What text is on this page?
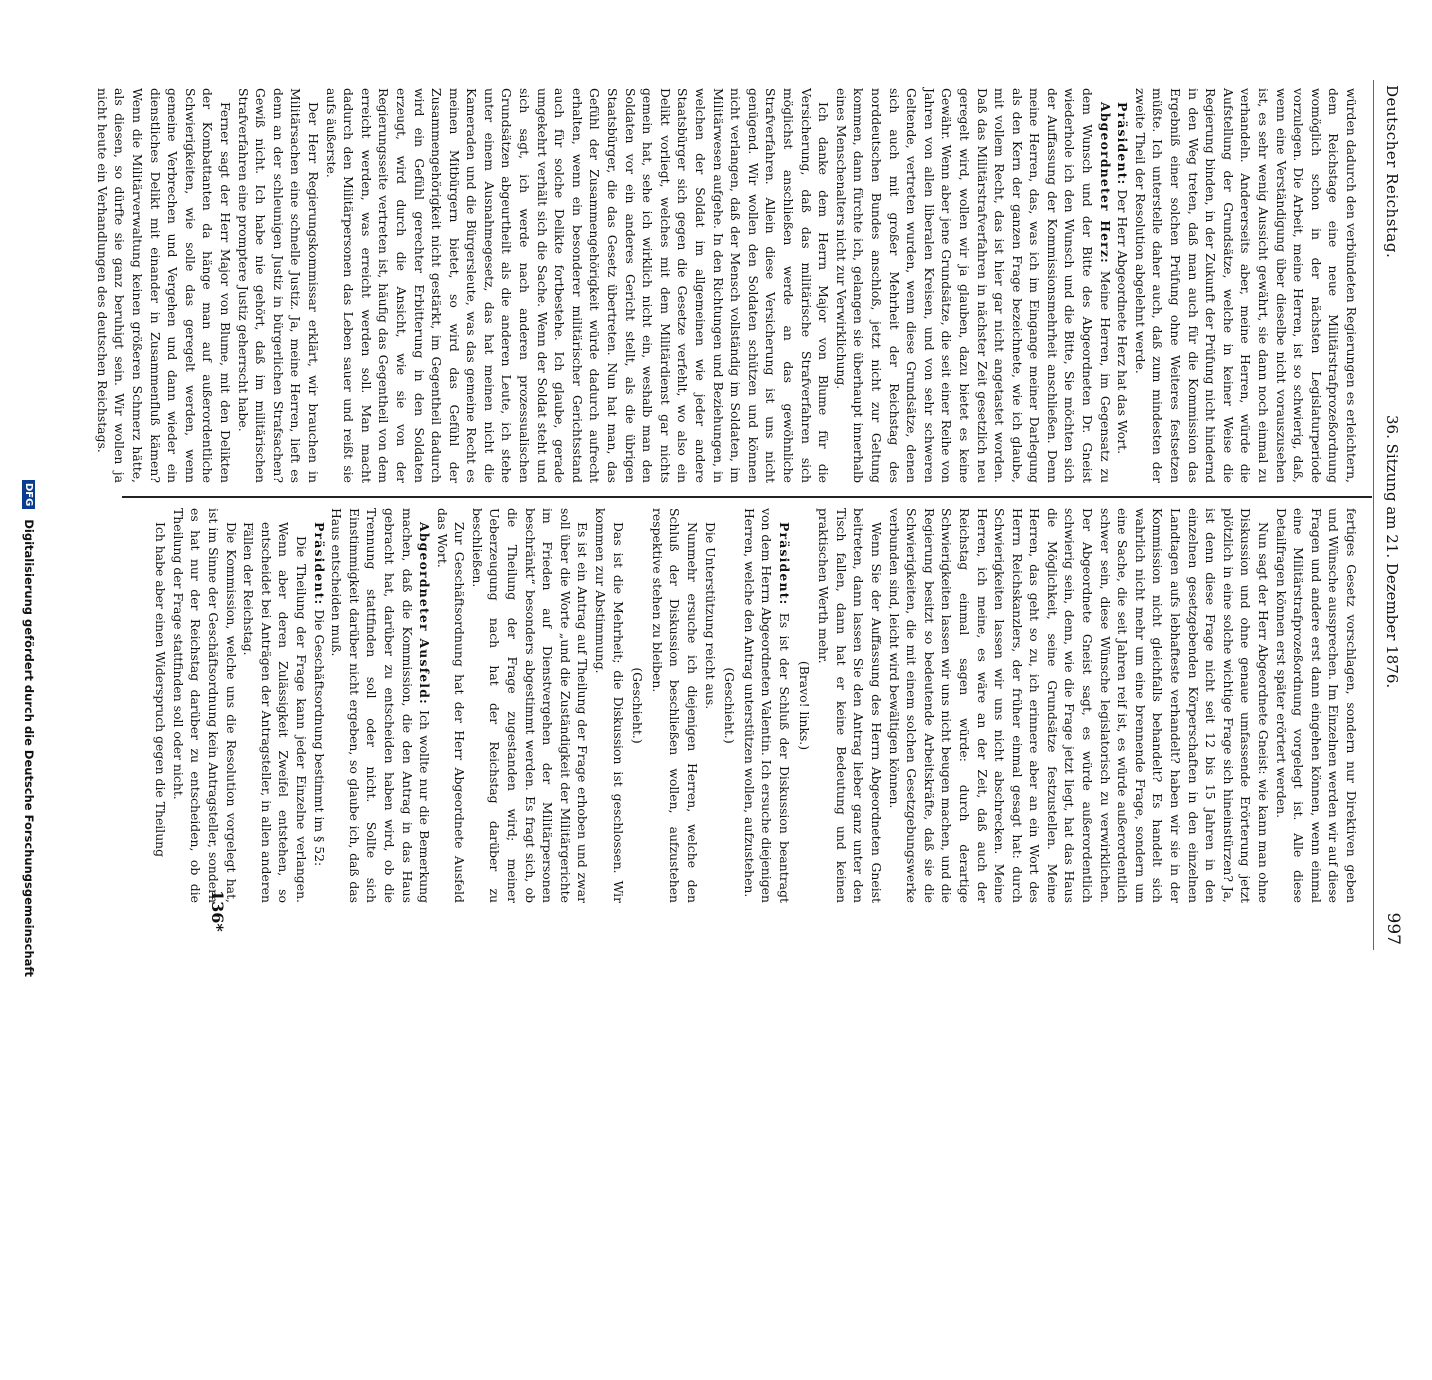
Deutscher Reichstag.
36. Sitzung am 21. Dezember 1876.
997

würden dadurch den verbündeten Regierungen es erleichtern, dem Reichstage eine neue Militärstrafprozeßordnung womöglich schon in der nächsten Legislaturperiode vorzulegen. Die Arbeit, meine Herren, ist so schwierig, daß, wenn eine Verständigung über dieselbe nicht vorauszusehen ist, es sehr wenig Aussicht gewährt, sie dann noch einmal zu verhandeln. Andererseits aber, meine Herren, würde die Aufstellung der Grundsätze, welche in keiner Weise die Regierung binden, in der Zukunft der Prüfung nicht hindernd in den Weg treten, daß man auch für die Kommission das Ergebniß einer solchen Prüfung ohne Weiteres festsetzen müßte. Ich unterstelle daher auch, daß zum mindesten der zweite Theil der Resolution abgelehnt werde.

Präsident: Der Herr Abgeordnete Herz hat das Wort.

Abgeordneter Herz: Meine Herren, im Gegensatz zu dem Wunsch und der Bitte des Abgeordneten Dr. Gneist wiederhole ich den Wunsch und die Bitte, Sie möchten sich der Auffassung der Kommissionsmehrheit anschließen. Denn meine Herren, das, was ich im Eingange meiner Darlegung als den Kern der ganzen Frage bezeichnete, wie ich glaube, mit vollem Recht, das ist hier gar nicht angetastet worden. Daß das Militärstrafverfahren in nächster Zeit gesetzlich neu geregelt wird, wollen wir ja glauben, dazu bietet es keine Gewähr. Wenn aber jene Grundsätze, die seit einer Reihe von Jahren von allen liberalen Kreisen, und von sehr schweren Geltende, vertreten wurden, wenn diese Grundsätze, denen sich auch mit großer Mehrheit der Reichstag des norddeutschen Bundes anschloß, jetzt nicht zur Geltung kommen, dann fürchte ich, gelangen sie überhaupt innerhalb eines Menschenalters nicht zur Verwirklichung.

Ich danke dem Herrn Major von Blume für die Versicherung, daß das militärische Strafverfahren sich möglichst anschließen werde an das gewöhnliche Strafverfahren. Allein diese Versicherung ist uns nicht genügend. Wir wollen den Soldaten schützen und können nicht verlangen, daß der Mensch vollständig im Soldaten, im Militärwesen aufgehe. In den Richtungen und Beziehungen, in welchen der Soldat im allgemeinen wie jeder andere Staatsbürger sich gegen die Gesetze verfehlt, wo also ein Delikt vorliegt, welches mit dem Militärdienst gar nichts gemein hat, sehe ich wirklich nicht ein, weshalb man den Soldaten vor ein anderes Gericht stellt, als die übrigen Staatsbürger, die das Gesetz übertreten. Nun hat man, das Gefühl der Zusammengehörigkeit würde dadurch aufrecht erhalten, wenn ein besonderer militärischer Gerichtsstand auch für solche Delikte fortbestehe. Ich glaube, gerade umgekehrt verhält sich die Sache. Wenn der Soldat steht und sich sagt, ich werde nach anderen prozessualischen Grundsätzen abgeurtheilt als die anderen Leute, ich stehe unter einem Ausnahmegesetz, das hat meinen nicht die Kameraden und die Bürgersleute, was das gemeine Recht es meinen Mitbürgern bietet, so wird das Gefühl der Zusammengehörigkeit nicht gestärkt, im Gegentheil dadurch wird ein Gefühl gerechter Erbitterung in den Soldaten erzeugt, wird durch die Ansicht, wie sie von der Regierungsseite vertreten ist, häufig das Gegentheil von dem erreicht werden, was erreicht werden soll. Man macht dadurch den Militärpersonen das Leben sauer und reißt sie aufs äußerste.

Der Herr Regierungskommissar erklärt, wir brauchen in Militärsachen eine schnelle Justiz. Ja, meine Herren, lieft es denn an der schleunigen Justiz in bürgerlichen Strafsachen? Gewiß nicht. Ich habe nie gehört, daß im militärischen Strafverfahren eine promptere Justiz geherrscht habe.

Ferner sagt der Herr Major von Blume, mit den Delikten der Kombattanten da hänge man auf außerordentliche Schwierigkeiten, wie solle das geregelt werden, wenn gemeine Verbrechen und Vergehen und dann wieder ein dienstliches Delikt mit einander in Zusammenfluß kämen? Wenn die Militärverwaltung keinen größeren Schmerz hätte, als diesen, so dürfte sie ganz beruhigt sein. Wir wollen ja nicht heute ein Verhandlungen des deutschen Reichstags.

fertiges Gesetz vorschlagen, sondern nur Direktiven geben und Wünsche aussprechen. Im Einzelnen werden wir auf diese Fragen und andere erst dann eingehen können, wenn einmal eine Militärstrafprozeßordnung vorgelegt ist. Alle diese Detailfragen können erst später erörtert werden.

Nun sagt der Herr Abgeordnete Gneist: wie kann man ohne Diskussion und ohne genaue umfassende Erörterung jetzt plötzlich in eine solche wichtige Frage sich hineinstürzen? Ja, ist denn diese Frage nicht seit 12 bis 15 Jahren in den einzelnen gesetzgebenden Körperschaften in den einzelnen Landtagen aufs lebhafteste verhandelt? haben wir sie in der Kommission nicht gleichfalls behandelt? Es handelt sich wahrlich nicht mehr um eine brennende Frage, sondern um eine Sache, die seit Jahren reif ist, es würde außerordentlich schwer sein, diese Wünsche legislatorisch zu verwirklichen. Der Abgeordnete Gneist sagt, es würde außerordentlich schwierig sein, denn, wie die Frage jetzt liegt, hat das Haus die Möglichkeit, seine Grundsätze festzustellen. Meine Herren, das geht so zu, ich erinnere aber an ein Wort des Herrn Reichskanzlers, der früher einmal gesagt hat: durch Schwierigkeiten lassen wir uns nicht abschrecken. Meine Herren, ich meine, es wäre an der Zeit, daß auch der Reichstag einmal sagen würde: durch derartige Schwierigkeiten lassen wir uns nicht beugen machen, und die Regierung besitzt so bedeutende Arbeitskräfte, daß sie die Schwierigkeiten, die mit einem solchen Gesetzgebungswerke verbunden sind, leicht wird bewältigen können.

Wenn Sie der Auffassung des Herrn Abgeordneten Gneist beitreten, dann lassen Sie den Antrag lieber ganz unter den Tisch fallen, dann hat er keine Bedeutung und keinen praktischen Werth mehr.

(Bravo! links.)

Präsident: Es ist der Schluß der Diskussion beantragt von dem Herrn Abgeordneten Valentin. Ich ersuche diejenigen Herren, welche den Antrag unterstützen wollen, aufzustehen.

(Geschieht.)

Die Unterstützung reicht aus.

Nunmehr ersuche ich diejenigen Herren, welche den Schluß der Diskussion beschließen wollen, aufzustehen respektive stehen zu bleiben.

(Geschieht.)

Das ist die Mehrheit; die Diskussion ist geschlossen. Wir kommen zur Abstimmung.

Es ist ein Antrag auf Theilung der Frage erhoben und zwar soll über die Worte „und die Zuständigkeit der Militärgerichte im Frieden auf Dienstvergehen der Militärpersonen beschränkt“ besonders abgestimmt werden. Es fragt sich, ob die Theilung der Frage zugestanden wird; meiner Ueberzeugung nach hat der Reichstag darüber zu beschließen.

Zur Geschäftsordnung hat der Herr Abgeordnete Ausfeld das Wort.

Abgeordneter Ausfeld: Ich wollte nur die Bemerkung machen, daß die Kommission, die den Antrag in das Haus gebracht hat, darüber zu entscheiden haben wird, ob die Trennung stattfinden soll oder nicht. Sollte sich Einstimmigkeit darüber nicht ergeben, so glaube ich, daß das Haus entscheiden muß.

Präsident: Die Geschäftsordnung bestimmt im § 52:

Die Theilung der Frage kann jeder Einzelne verlangen. Wenn aber deren Zulässigkeit Zweifel entstehen, so entscheidet bei Anträgen der Antragsteller, in allen anderen Fällen der Reichstag.

Die Kommission, welche uns die Resolution vorgelegt hat, ist im Sinne der Geschäftsordnung kein Antragsteller, sondern es hat nur der Reichstag darüber zu entscheiden, ob die Theilung der Frage stattfinden soll oder nicht.

Ich habe aber einen Widerspruch gegen die Theilung

136*
DFG Digitalisierung gefördert durch die Deutsche Forschungsgemeinschaft
